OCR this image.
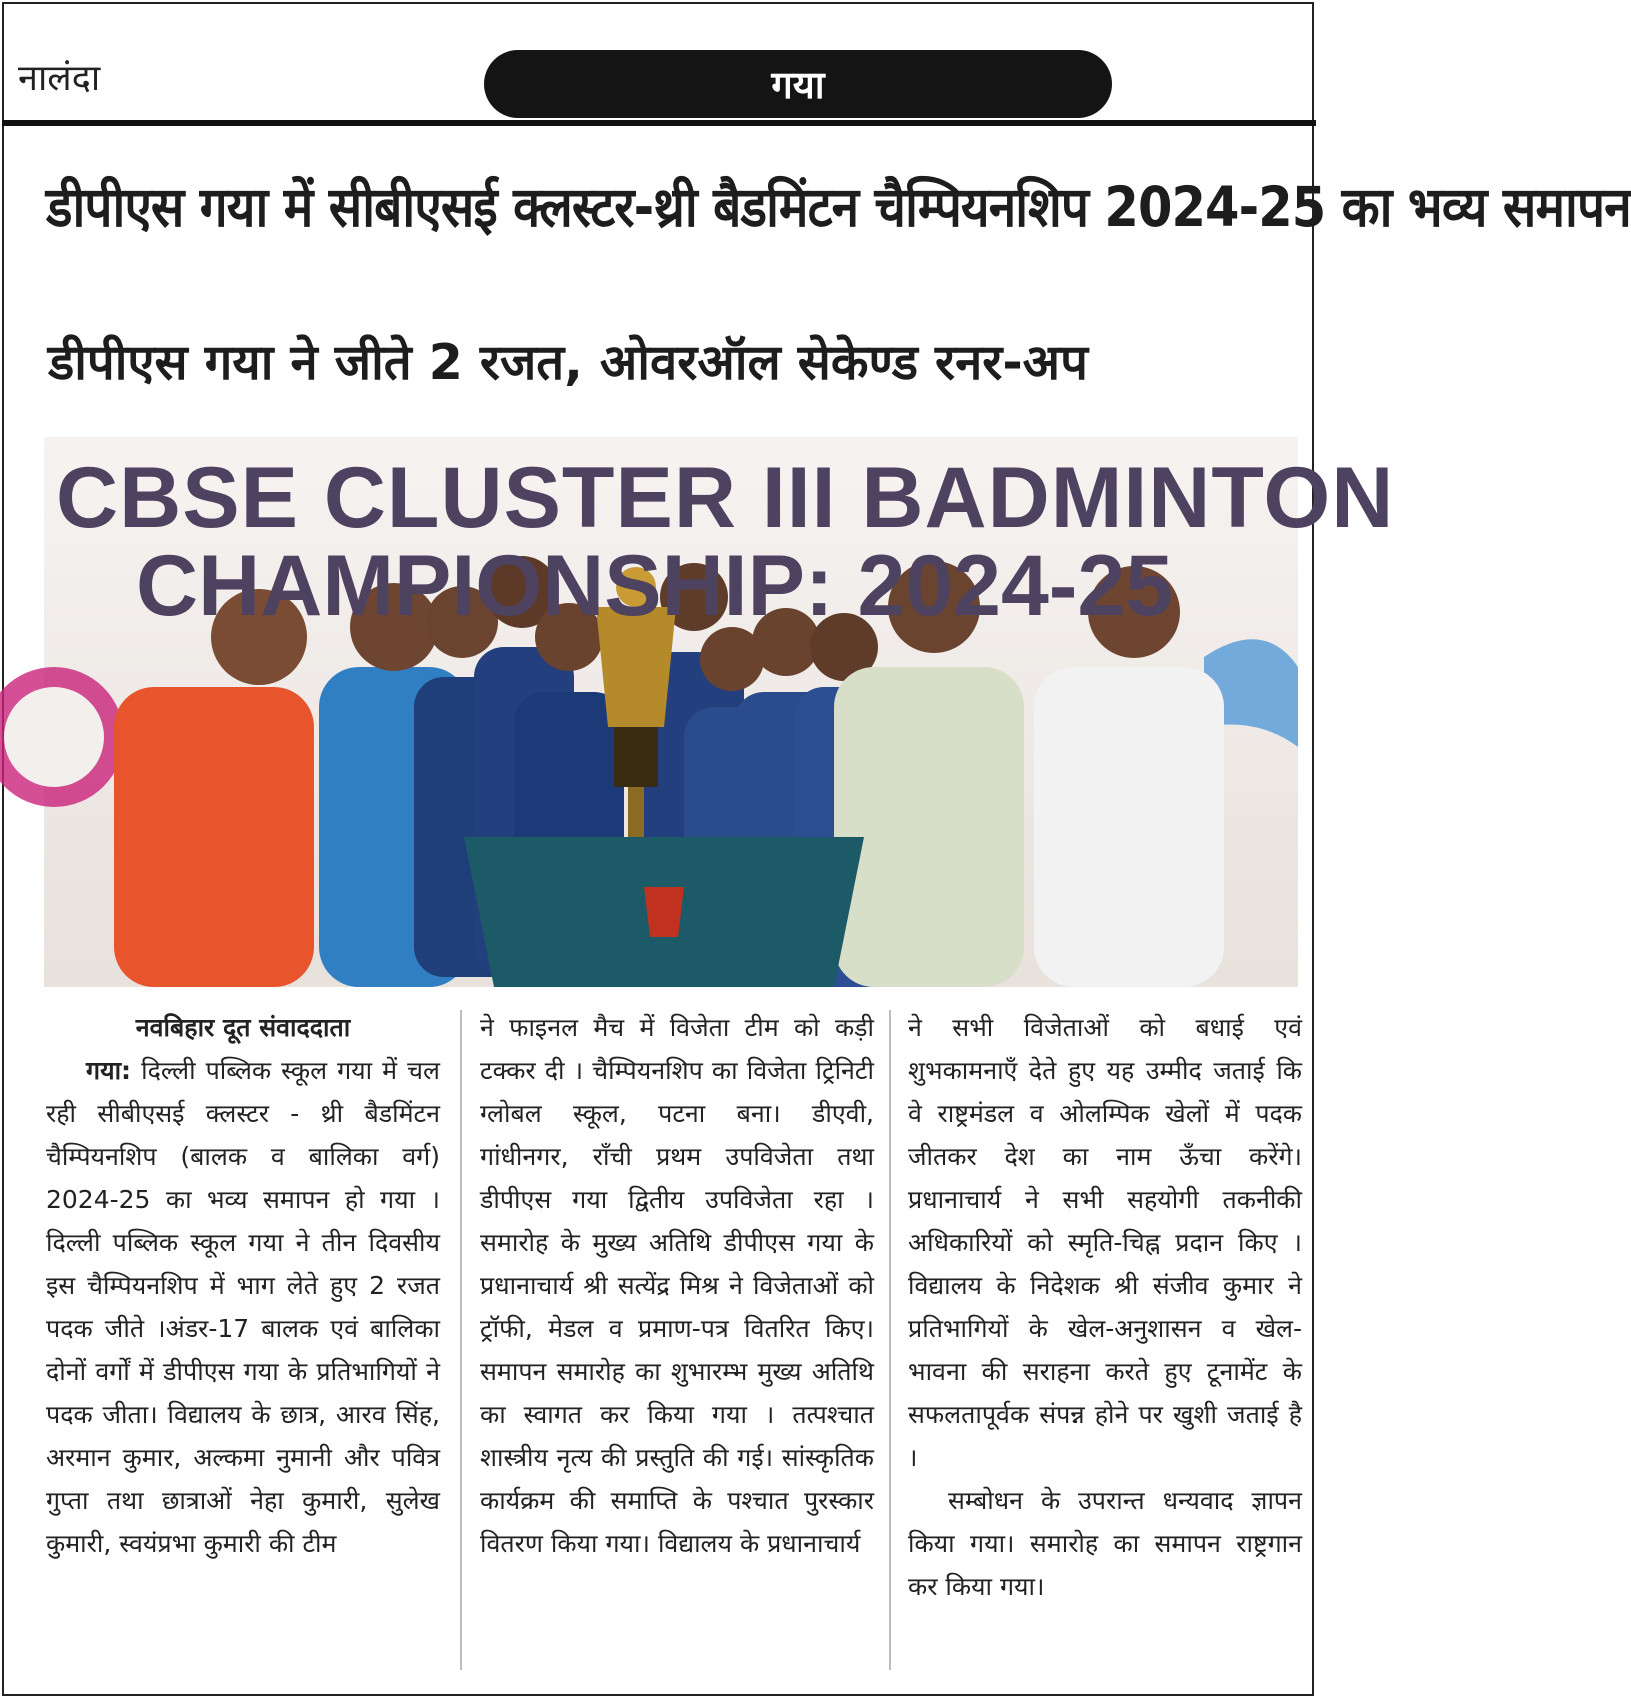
नालंदा	गया
डीपीएस गया में सीबीएसई क्लस्टर-थ्री बैडमिंटन चैम्पियनशिप 2024-25 का भव्य समापन
डीपीएस गया ने जीते 2 रजत, ओवरऑल सेकेण्ड रनर-अप
CBSE CLUSTER III BADMINTON
CHAMPIONSHIP: 2024-25
नवबिहार दूत संवाददाता

गया: दिल्ली पब्लिक स्कूल गया में चल रही सीबीएसई क्लस्टर - थ्री बैडमिंटन चैम्पियनशिप (बालक व बालिका वर्ग) 2024-25 का भव्य समापन हो गया । दिल्ली पब्लिक स्कूल गया ने तीन दिवसीय इस चैम्पियनशिप में भाग लेते हुए 2 रजत पदक जीते ।अंडर-17 बालक एवं बालिका दोनों वर्गों में डीपीएस गया के प्रतिभागियों ने पदक जीता। विद्यालय के छात्र, आरव सिंह, अरमान कुमार, अल्कमा नुमानी और पवित्र गुप्ता तथा छात्राओं नेहा कुमारी, सुलेख कुमारी, स्वयंप्रभा कुमारी की टीम

ने फाइनल मैच में विजेता टीम को कड़ी टक्कर दी । चैम्पियनशिप का विजेता ट्रिनिटी ग्लोबल स्कूल, पटना बना। डीएवी, गांधीनगर, राँची प्रथम उपविजेता तथा डीपीएस गया द्वितीय उपविजेता रहा । समारोह के मुख्य अतिथि डीपीएस गया के प्रधानाचार्य श्री सत्येंद्र मिश्र ने विजेताओं को ट्रॉफी, मेडल व प्रमाण-पत्र वितरित किए। समापन समारोह का शुभारम्भ मुख्य अतिथि का स्वागत कर किया गया । तत्पश्चात शास्त्रीय नृत्य की प्रस्तुति की गई। सांस्कृतिक कार्यक्रम की समाप्ति के पश्चात पुरस्कार वितरण किया गया। विद्यालय के प्रधानाचार्य

ने सभी विजेताओं को बधाई एवं शुभकामनाएँ देते हुए यह उम्मीद जताई कि वे राष्ट्रमंडल व ओलम्पिक खेलों में पदक जीतकर देश का नाम ऊँचा करेंगे। प्रधानाचार्य ने सभी सहयोगी तकनीकी अधिकारियों को स्मृति-चिह्न प्रदान किए । विद्यालय के निदेशक श्री संजीव कुमार ने प्रतिभागियों के खेल-अनुशासन व खेल-भावना की सराहना करते हुए टूनामेंट के सफलतापूर्वक संपन्न होने पर खुशी जताई है ।

सम्बोधन के उपरान्त धन्यवाद ज्ञापन किया गया। समारोह का समापन राष्ट्रगान कर किया गया।
